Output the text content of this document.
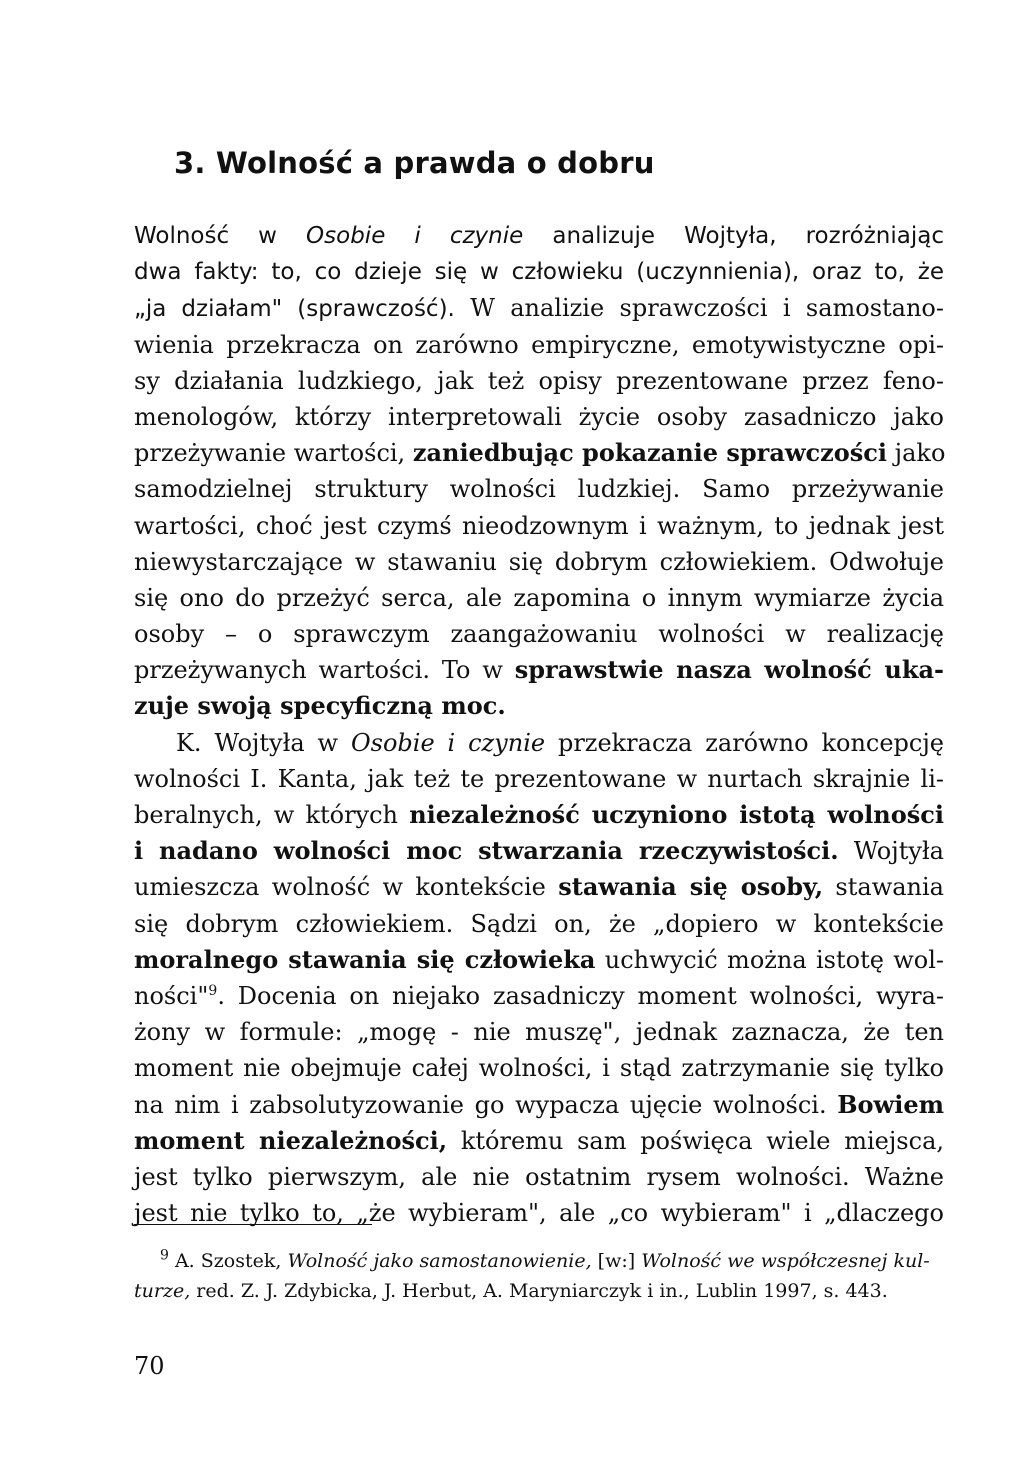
3. Wolność a prawda o dobru
Wolność w Osobie i czynie analizuje Wojtyła, rozróżniając
dwa fakty: to, co dzieje się w człowieku (uczynnienia), oraz to, że
„ja działam" (sprawczość). W analizie sprawczości i samostano-
wienia przekracza on zarówno empiryczne, emotywistyczne opi-
sy działania ludzkiego, jak też opisy prezentowane przez feno-
menologów, którzy interpretowali życie osoby zasadniczo jako
przeżywanie wartości, zaniedbując pokazanie sprawczości jako
samodzielnej struktury wolności ludzkiej. Samo przeżywanie
wartości, choć jest czymś nieodzownym i ważnym, to jednak jest
niewystarczające w stawaniu się dobrym człowiekiem. Odwołuje
się ono do przeżyć serca, ale zapomina o innym wymiarze życia
osoby – o sprawczym zaangażowaniu wolności w realizację
przeżywanych wartości. To w sprawstwie nasza wolność uka-
zuje swoją specyficzną moc.
K. Wojtyła w Osobie i czynie przekracza zarówno koncepcję
wolności I. Kanta, jak też te prezentowane w nurtach skrajnie li-
beralnych, w których niezależność uczyniono istotą wolności
i nadano wolności moc stwarzania rzeczywistości. Wojtyła
umieszcza wolność w kontekście stawania się osoby, stawania
się dobrym człowiekiem. Sądzi on, że „dopiero w kontekście
moralnego stawania się człowieka uchwycić można istotę wol-
ności"$^9$. Docenia on niejako zasadniczy moment wolności, wyra-
żony w formule: „mogę - nie muszę", jednak zaznacza, że ten
moment nie obejmuje całej wolności, i stąd zatrzymanie się tylko
na nim i zabsolutyzowanie go wypacza ujęcie wolności. Bowiem
moment niezależności, któremu sam poświęca wiele miejsca,
jest tylko pierwszym, ale nie ostatnim rysem wolności. Ważne
jest nie tylko to, „że wybieram", ale „co wybieram" i „dlaczego
$^9$ A. Szostek, Wolność jako samostanowienie, [w:] Wolność we współczesnej kul-
turze, red. Z. J. Zdybicka, J. Herbut, A. Maryniarczyk i in., Lublin 1997, s. 443.
70
